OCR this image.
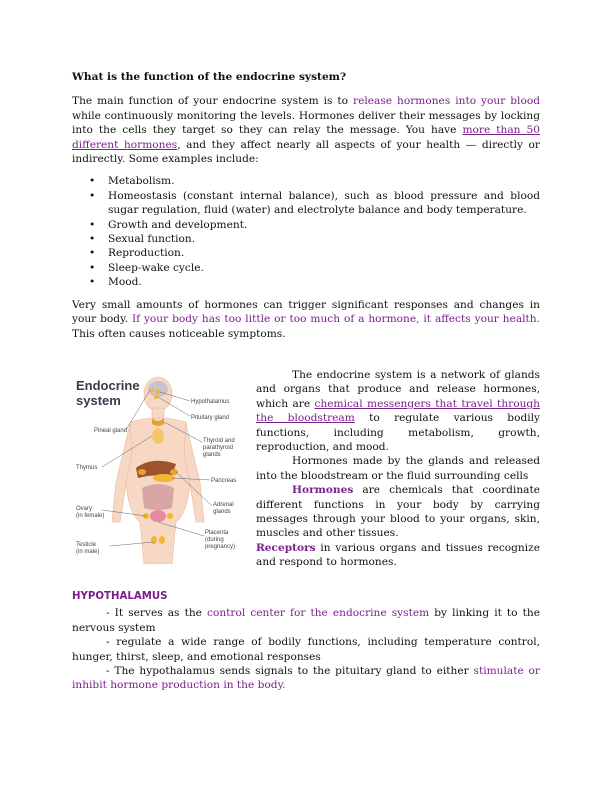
What is the function of the endocrine system?

The main function of your endocrine system is to release hormones into your blood while continuously monitoring the levels. Hormones deliver their messages by locking into the cells they target so they can relay the message. You have more than 50 different hormones, and they affect nearly all aspects of your health — directly or indirectly. Some examples include:

• Metabolism.
• Homeostasis (constant internal balance), such as blood pressure and blood sugar regulation, fluid (water) and electrolyte balance and body temperature.
• Growth and development.
• Sexual function.
• Reproduction.
• Sleep-wake cycle.
• Mood.

Very small amounts of hormones can trigger significant responses and changes in your body. If your body has too little or too much of a hormone, it affects your health. This often causes noticeable symptoms.

Endocrine
system	Hypothalamus
Pituitary gland
Pineal gland
Thyroid and
parathyroid
glands
Thymus
Pancreas
Adrenal
glands
Ovary
(in female)
Placenta
(during
pregnancy)
Testicle
(in male)

The endocrine system is a network of glands and organs that produce and release hormones, which are chemical messengers that travel through the bloodstream to regulate various bodily functions, including metabolism, growth, reproduction, and mood.

Hormones made by the glands and released into the bloodstream or the fluid surrounding cells

Hormones are chemicals that coordinate different functions in your body by carrying messages through your blood to your organs, skin, muscles and other tissues.

Receptors in various organs and tissues recognize and respond to hormones.

HYPOTHALAMUS

- It serves as the control center for the endocrine system by linking it to the nervous system

- regulate a wide range of bodily functions, including temperature control, hunger, thirst, sleep, and emotional responses

- The hypothalamus sends signals to the pituitary gland to either stimulate or inhibit hormone production in the body.
